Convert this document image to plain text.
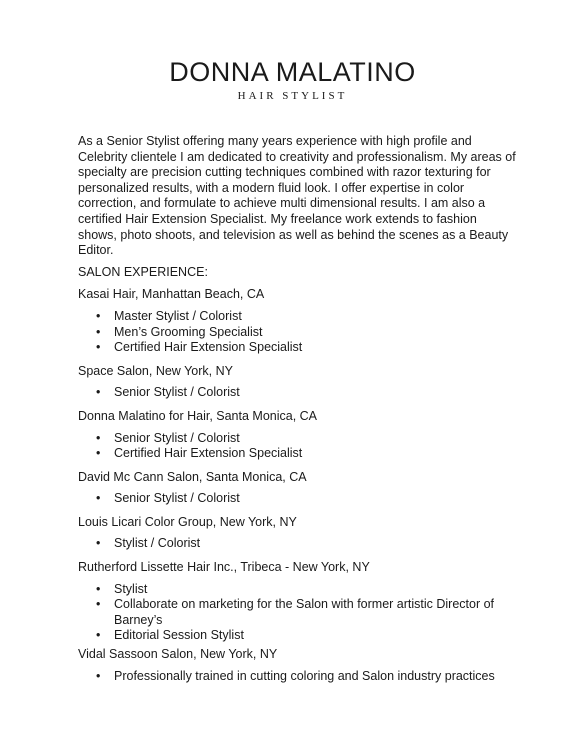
DONNA MALATINO
HAIR STYLIST

As a Senior Stylist offering many years experience with high profile and Celebrity clientele I am dedicated to creativity and professionalism. My areas of specialty are precision cutting techniques combined with razor texturing for personalized results, with a modern fluid look. I offer expertise in color correction, and formulate to achieve multi dimensional results. I am also a certified Hair Extension Specialist. My freelance work extends to fashion shows, photo shoots, and television as well as behind the scenes as a Beauty Editor.

SALON EXPERIENCE:
Kasai Hair, Manhattan Beach, CA
• Master Stylist / Colorist
• Men’s Grooming Specialist
• Certified Hair Extension Specialist
Space Salon, New York, NY
• Senior Stylist / Colorist
Donna Malatino for Hair, Santa Monica, CA
• Senior Stylist / Colorist
• Certified Hair Extension Specialist
David Mc Cann Salon, Santa Monica, CA
• Senior Stylist / Colorist
Louis Licari Color Group, New York, NY
• Stylist / Colorist
Rutherford Lissette Hair Inc., Tribeca - New York, NY
• Stylist
• Collaborate on marketing for the Salon with former artistic Director of Barney’s
• Editorial Session Stylist
Vidal Sassoon Salon, New York, NY
• Professionally trained in cutting coloring and Salon industry practices
